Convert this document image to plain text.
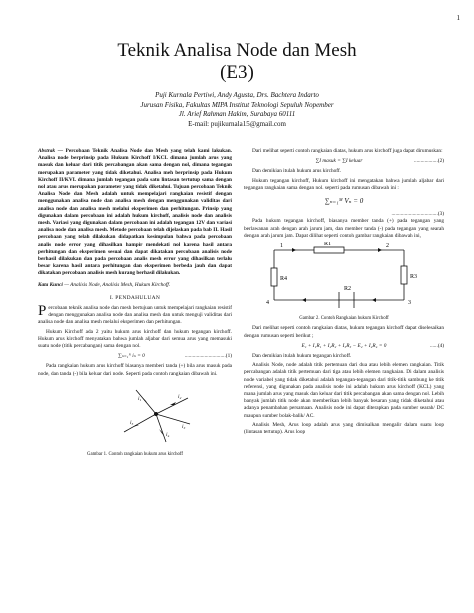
1
Teknik Analisa Node dan Mesh
(E3)
Puji Kurnala Pertiwi, Andy Agusta, Drs. Bachtera Indarto
Jurusan Fisika, Fakultas MIPA Institut Teknologi Sepuluh Nopember
Jl. Arief Rahman Hakim, Surabaya 60111
E-mail: pujikurnala15@gmail.com
Abstrak — Percobaan Teknik Analisa Node dan Mesh yang telah kami lakukan. Analisa node berprinsip pada Hukum Kirchoff I/KCL dimana jumlah arus yang masuk dan keluar dari titik percabangan akan sama dengan nol, dimana tegangan merupakan parameter yang tidak diketahui. Analisa meh berprinsip pada Hukum Kirchoff II/KVL dimana jumlah tegangan pada satu lintasan tertutup sama dengan nol atau arus merupakan parameter yang tidak diketahui. Tujuan percobaan Teknik Analisa Node dan Mesh adalah untuk mempelajari rangkaian resistif dengan menggunakan analisa node dan analisa mesh dengan menggunakan validitas dari analisa node dan analisa mesh melalui eksperimen dan perhitungan. Prinsip yang digunakan dalam percobaan ini adalah hukum kirchoff, analisis node dan analisis mesh. Variasi yang digunakan dalam percobaan ini adalah tegangan 12V dan variasi analisa node dan analisa mesh. Metode percobaan telah dijelaskan pada bab II. Hasil percobaan yang telah dilakukan didapatkan kesimpulan bahwa pada percobaan analis node error yang dihasilkan hampir mendekati nol karena hasil antara perhitungan dan eksperimen sesuai dan dapat dikatakan percobaan analisis node berhasil dilakukan dan pada percobaan analis mesh error yang dihasilkan terlalu besar karena hasil antara perhitungan dan eksperimen berbeda jauh dan dapat dikatakan percobaan analisis mesh kurang berhasil dilakukan.
Kata Kunci — Analisis Node, Analisis Mesh, Hukum Kirchoff.
I. PENDAHULUAN
Percobaan teknik analisa node dan mesh bertujuan untuk mempelajari rangkaian resistif dengan menggunakan analisa node dan analisa mesh dan untuk menguji validitas dari analisa node dan analisa mesh melalui eksperimen dan perhitungan.
Hukum Kirchoff ada 2 yaitu hukum arus kirchoff dan hukum tegangan kirchoff. Hukum arus kirchoff menyatakan bahwa jumlah aljabar dari semua arus yang memasuki suatu node (titik percabangan) sama dengan nol.
∑ₙ₌₁ᴺ iₙ = 0	...............................(1)
Pada rangkaian hukum arus kirchoff biasanya memberi tanda (+) bila arus masuk pada node, dan tanda (-) bila keluar dari node. Seperti pada contoh rangkaian dibawah ini.
i₁	i₂
i₃
i₄
i₅
Gambar 1. Contoh rangkaian hukum arus kirchoff
Dari melihat seperti contoh rangkaian diatas, hukum arus kirchoff juga dapat dirumuskan:
∑I masuk = ∑I keluar	..................(2)
Dan demikian itulah hukum arus kirchoff.
Hukum tegangan kirchoff, Hukum kirchoff ini mengatakan bahwa jumlah aljabar dari tegangan rangkaian sama dengan nol. seperti pada rumusan dibawah ini :
∑ₙ₌₁ᴹ Vₙ = 0
...................................(3)
Pada hukum tegangan kirchoff, biasanya member tanda (+) pada tegangan yang berlawanan arah dengan arah jarum jam, dan member tanda (-) pada tegangan yang searah dengan arah jarum jam. Dapat dilihat seperti contoh gambar rangkaian dibawah ini,
1	2
3
4
R1
R2
R3
R4
Gambar 2. Contoh Rangkaian hukum Kirchoff
Dari melihat seperti contoh rangkaian diatas, hukum tegangan kirchoff dapat diselesaikan dengan rumusan seperti berikut ;
E₁ + I₁R₁ + I₂R₂ + I₃R₃ − E₂ + I₄R₄ = 0	......(4)
Dan demikian itulah hukum tegangan kirchoff.
Analisis Node, node adalah titik pertemuan dari dua atau lebih elemen rangkaian. Titik percabangan adalah titik pertemuan dari tiga atau lebih elemen rangkaian. Di dalam analisis node variabel yang tidak diketahui adalah tegangan-tegangan dari titik-titik sambung ke titik referensi, yang digunakan pada analisis node ini adalah hukum arus kirchoff (KCL) yang mana jumlah arus yang masuk dan keluar dari titik percabangan akan sama dengan nol. Lebih banyak jumlah titik node akan memberikan lebih banyak besaran yang tidak diketahui atau adanya penambahan persamaan. Analisis node ini dapat diterapkan pada sumber searah/ DC maupun sumber bolak-balik/ AC.
Analisis Mesh, Arus loop adalah arus yang dimisalkan mengalir dalam suatu loop (lintasan tertutup). Arus loop
